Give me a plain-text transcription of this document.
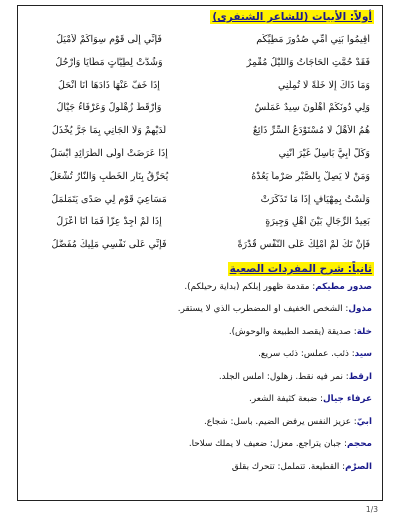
أولاً: الأبيات (للشاعر الشنفرى)
أَقِيمُوا بَنِي أُمِّي صُدُورَ مَطِيِّكُم
فَإِنِّي إِلَى قَوْمٍ سِوَاكُمْ لَأَمْيَلُ
فَقَدْ حُمَّتِ الحَاجَاتُ وَاللَّيْلُ مُقْمِرٌ
وَشُدَّتْ لِطِيَّاتٍ مَطَايَا وَأَرْحُلُ
وَمَا ذَاكَ إِلَّا خَلَّةً لَا تُمِلُّنِي
إِذَا خَفَّ عَنْهَا ذَادَهَا أَنَا أَنْحَلُ
وَلِي دُونَكُمْ أَهْلُونَ سِيدٌ عَمَلَّسٌ
وَأَرْقَطُ زُهْلُولٌ وَعَرْفَاءُ جَيْأَلُ
هُمُ الأَهْلُ لَا مُسْتَوْدَعُ السِّرِّ ذَائِعٌ
لَدَيْهِمْ وَلَا الجَانِي بِمَا جَرَّ يُخْذَلُ
وَكُلٌّ أَبِيٌّ بَاسِلٌ غَيْرَ أَنَّنِي
إِذَا عَرَضَتْ أُولَى الطَّرَائِدِ أَبْسَلُ
وَمَنْ لَا يَصِلْ بِالصَّبْرِ صَرْماً يَعُدْهُ
يُحَرِّقُ بِنَارِ الخَطْبِ وَالنَّارُ تُشْعَلُ
وَلَسْتُ بِمِهْيَافٍ إِذَا مَا تَذَكَّرَتْ
مَسَاعِيَ قَوْمٍ لِي صَدًى يَتَمَلْمَلُ
بَعِيدُ الرِّجَالِ بَيْنَ أَهْلٍ وَجِيرَةٍ
إِذَا لَمْ أَجِدْ عِزّاً فَمَا أَنَا أَعْزَلُ
فَإِنْ تَكُ لَمْ أَمْلِكْ عَلَى النَّفْسِ قُدْرَةً
فَإِنِّي عَلَى نَفْسِي مَلِيكٌ مُفَضَّلُ
ثانياً: شرح المفردات الصعبة
صدور مطيكم: مقدمة ظهور إبلكم (بداية رحيلكم).
مذول: الشخص الخفيف أو المضطرب الذي لا يستقر.
خلة: صديقة (يقصد الطبيعة والوحوش).
سيد: ذئب. عملس: ذئب سريع.
ارقط: نمر فيه نقط. زهلول: أملس الجلد.
عرفاء جيأل: ضبعة كثيفة الشعر.
أبيّ: عزيز النفس يرفض الضيم. باسل: شجاع.
محجم: جبان يتراجع. معزل: ضعيف لا يملك سلاحاً.
الصرْم: القطيعة. تتململ: تتحرك بقلق
1/3
